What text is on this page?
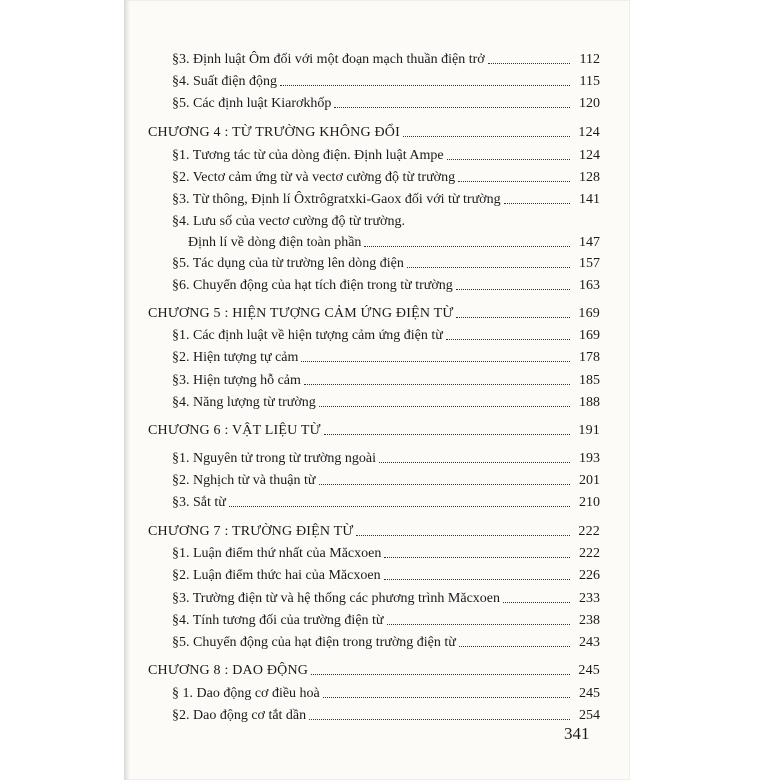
§3. Định luật Ôm đối với một đoạn mạch thuần điện trở	112
§4. Suất điện động	115
§5. Các định luật Kiarơkhốp	120
CHƯƠNG 4 : TỪ TRƯỜNG KHÔNG ĐỔI	124
§1. Tương tác từ của dòng điện. Định luật Ampe	124
§2. Vectơ cảm ứng từ và vectơ cường độ từ trường	128
§3. Từ thông, Định lí Ôxtrôgratxki-Gaox đối với từ trường	141
§4. Lưu số của vectơ cường độ từ trường.
Định lí về dòng điện toàn phần	147
§5. Tác dụng của từ trường lên dòng điện	157
§6. Chuyển động của hạt tích điện trong từ trường	163
CHƯƠNG 5 : HIỆN TƯỢNG CẢM ỨNG ĐIỆN TỪ	169
§1. Các định luật về hiện tượng cảm ứng điện từ	169
§2. Hiện tượng tự cảm	178
§3. Hiện tượng hỗ cảm	185
§4. Năng lượng từ trường	188
CHƯƠNG 6 : VẬT LIỆU TỪ	191
§1. Nguyên tử trong từ trường ngoài	193
§2. Nghịch từ và thuận từ	201
§3. Sắt từ	210
CHƯƠNG 7 : TRƯỜNG ĐIỆN TỪ	222
§1. Luận điểm thứ nhất của Măcxoen	222
§2. Luận điểm thức hai của Măcxoen	226
§3. Trường điện từ và hệ thống các phương trình Măcxoen	233
§4. Tính tương đối của trường điện từ	238
§5. Chuyển động của hạt điện trong trường điện từ	243
CHƯƠNG 8 : DAO ĐỘNG	245
§ 1. Dao động cơ điều hoà	245
§2. Dao động cơ tắt dần	254
341
